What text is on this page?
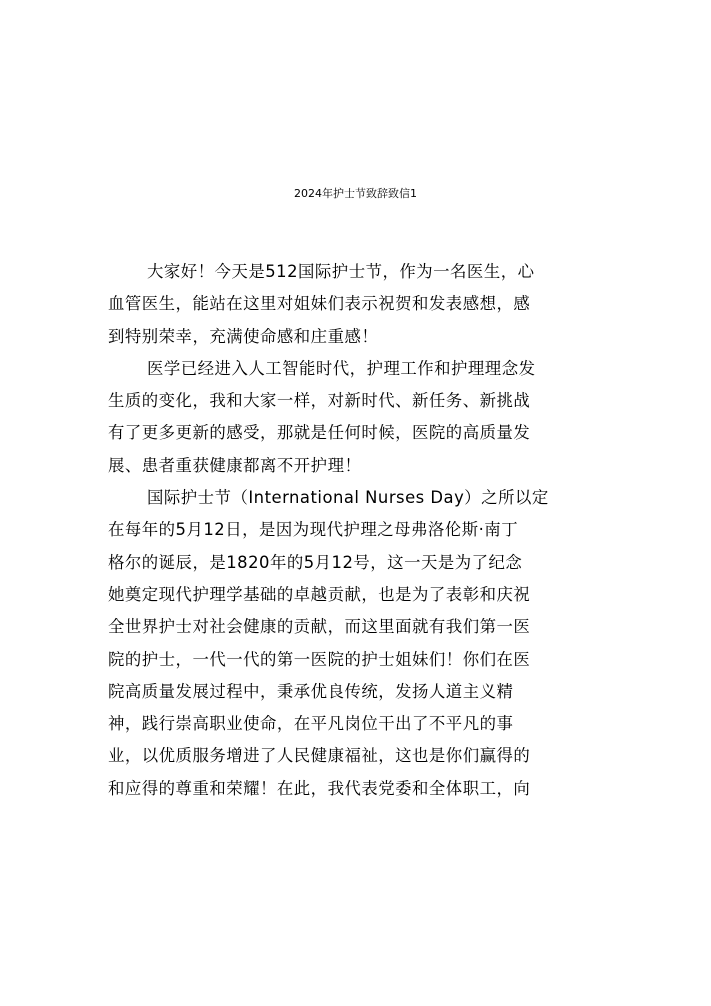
2024年护士节致辞致信1
大家好！今天是512国际护士节，作为一名医生，心
血管医生，能站在这里对姐妹们表示祝贺和发表感想，感
到特别荣幸，充满使命感和庄重感！
医学已经进入人工智能时代，护理工作和护理理念发
生质的变化，我和大家一样，对新时代、新任务、新挑战
有了更多更新的感受，那就是任何时候，医院的高质量发
展、患者重获健康都离不开护理！
国际护士节（International Nurses Day）之所以定
在每年的5月12日，是因为现代护理之母弗洛伦斯·南丁
格尔的诞辰，是1820年的5月12号，这一天是为了纪念
她奠定现代护理学基础的卓越贡献，也是为了表彰和庆祝
全世界护士对社会健康的贡献，而这里面就有我们第一医
院的护士，一代一代的第一医院的护士姐妹们！你们在医
院高质量发展过程中，秉承优良传统，发扬人道主义精
神，践行崇高职业使命，在平凡岗位干出了不平凡的事
业，以优质服务增进了人民健康福祉，这也是你们赢得的
和应得的尊重和荣耀！在此，我代表党委和全体职工，向
